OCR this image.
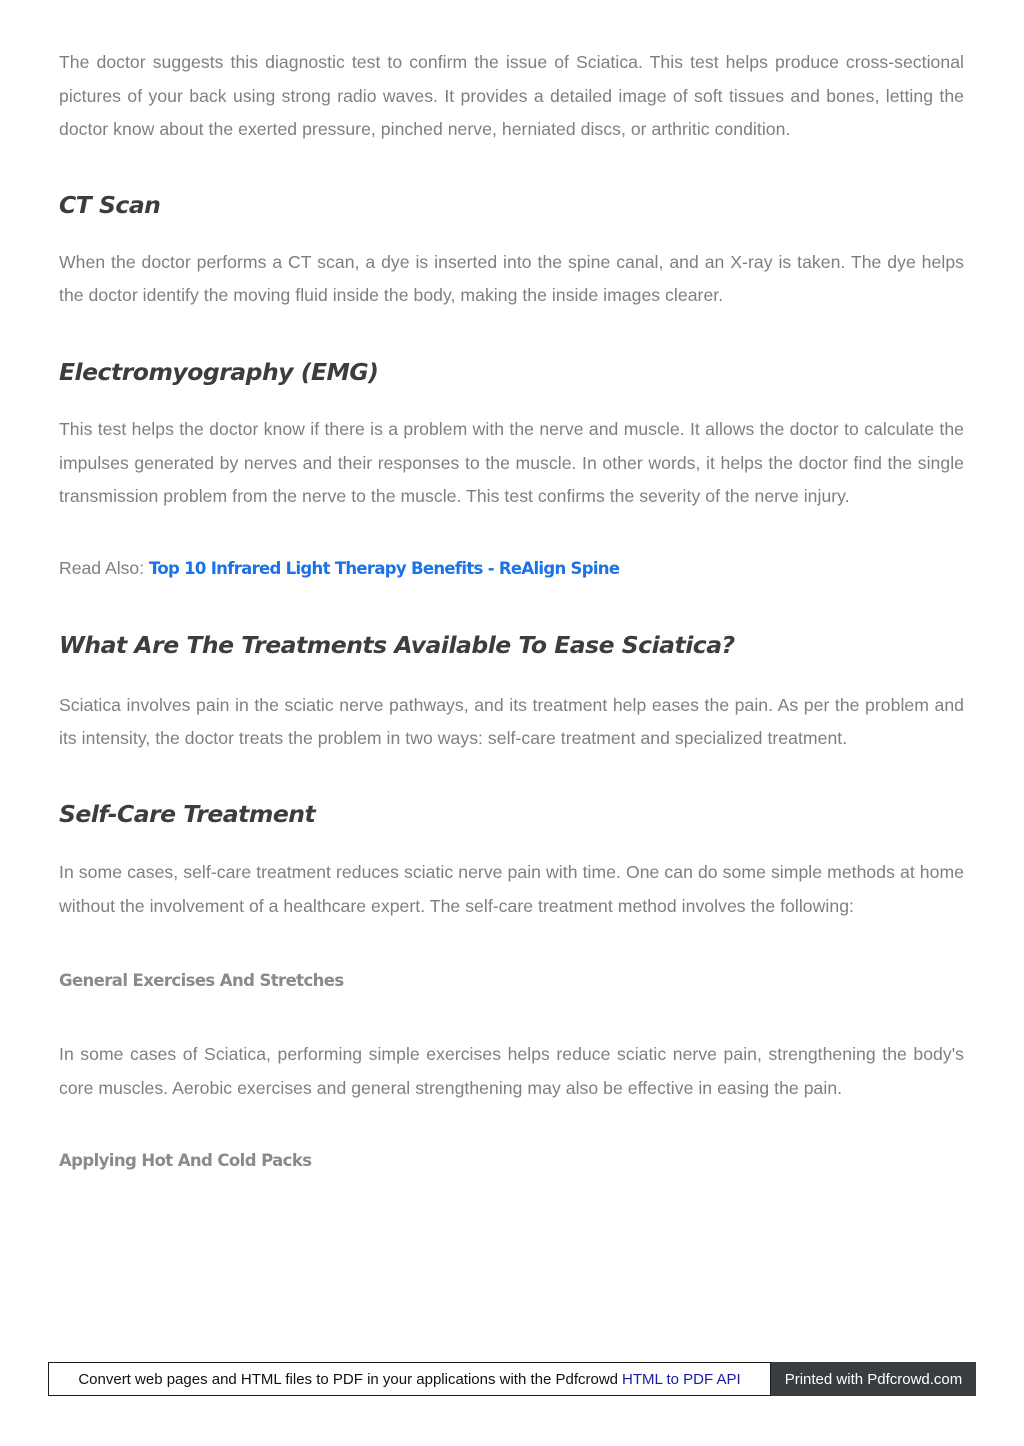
The doctor suggests this diagnostic test to confirm the issue of Sciatica. This test helps produce cross-sectional pictures of your back using strong radio waves. It provides a detailed image of soft tissues and bones, letting the doctor know about the exerted pressure, pinched nerve, herniated discs, or arthritic condition.

CT Scan

When the doctor performs a CT scan, a dye is inserted into the spine canal, and an X-ray is taken. The dye helps the doctor identify the moving fluid inside the body, making the inside images clearer.

Electromyography (EMG)

This test helps the doctor know if there is a problem with the nerve and muscle. It allows the doctor to calculate the impulses generated by nerves and their responses to the muscle. In other words, it helps the doctor find the single transmission problem from the nerve to the muscle. This test confirms the severity of the nerve injury.

Read Also: Top 10 Infrared Light Therapy Benefits - ReAlign Spine

What Are The Treatments Available To Ease Sciatica?

Sciatica involves pain in the sciatic nerve pathways, and its treatment help eases the pain. As per the problem and its intensity, the doctor treats the problem in two ways: self-care treatment and specialized treatment.

Self-Care Treatment

In some cases, self-care treatment reduces sciatic nerve pain with time. One can do some simple methods at home without the involvement of a healthcare expert. The self-care treatment method involves the following:

General Exercises And Stretches

In some cases of Sciatica, performing simple exercises helps reduce sciatic nerve pain, strengthening the body's core muscles. Aerobic exercises and general strengthening may also be effective in easing the pain.

Applying Hot And Cold Packs
Convert web pages and HTML files to PDF in your applications with the Pdfcrowd HTML to PDF API	Printed with Pdfcrowd.com
